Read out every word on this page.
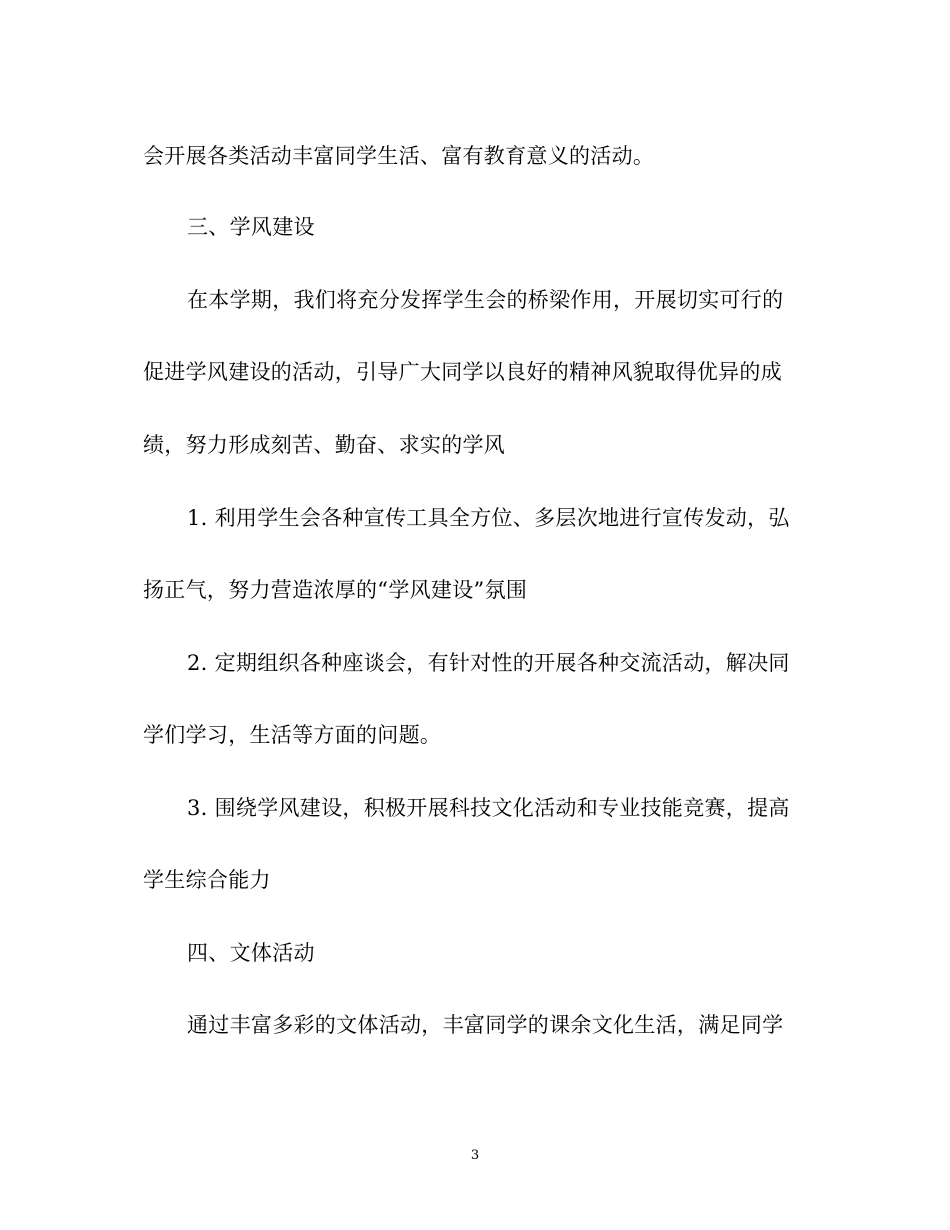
会开展各类活动丰富同学生活、富有教育意义的活动。
三、学风建设
在本学期，我们将充分发挥学生会的桥梁作用，开展切实可行的
促进学风建设的活动，引导广大同学以良好的精神风貌取得优异的成
绩，努力形成刻苦、勤奋、求实的学风
1. 利用学生会各种宣传工具全方位、多层次地进行宣传发动，弘
扬正气，努力营造浓厚的“学风建设”氛围
2. 定期组织各种座谈会，有针对性的开展各种交流活动，解决同
学们学习，生活等方面的问题。
3. 围绕学风建设，积极开展科技文化活动和专业技能竞赛，提高
学生综合能力
四、文体活动
通过丰富多彩的文体活动，丰富同学的课余文化生活，满足同学
3
